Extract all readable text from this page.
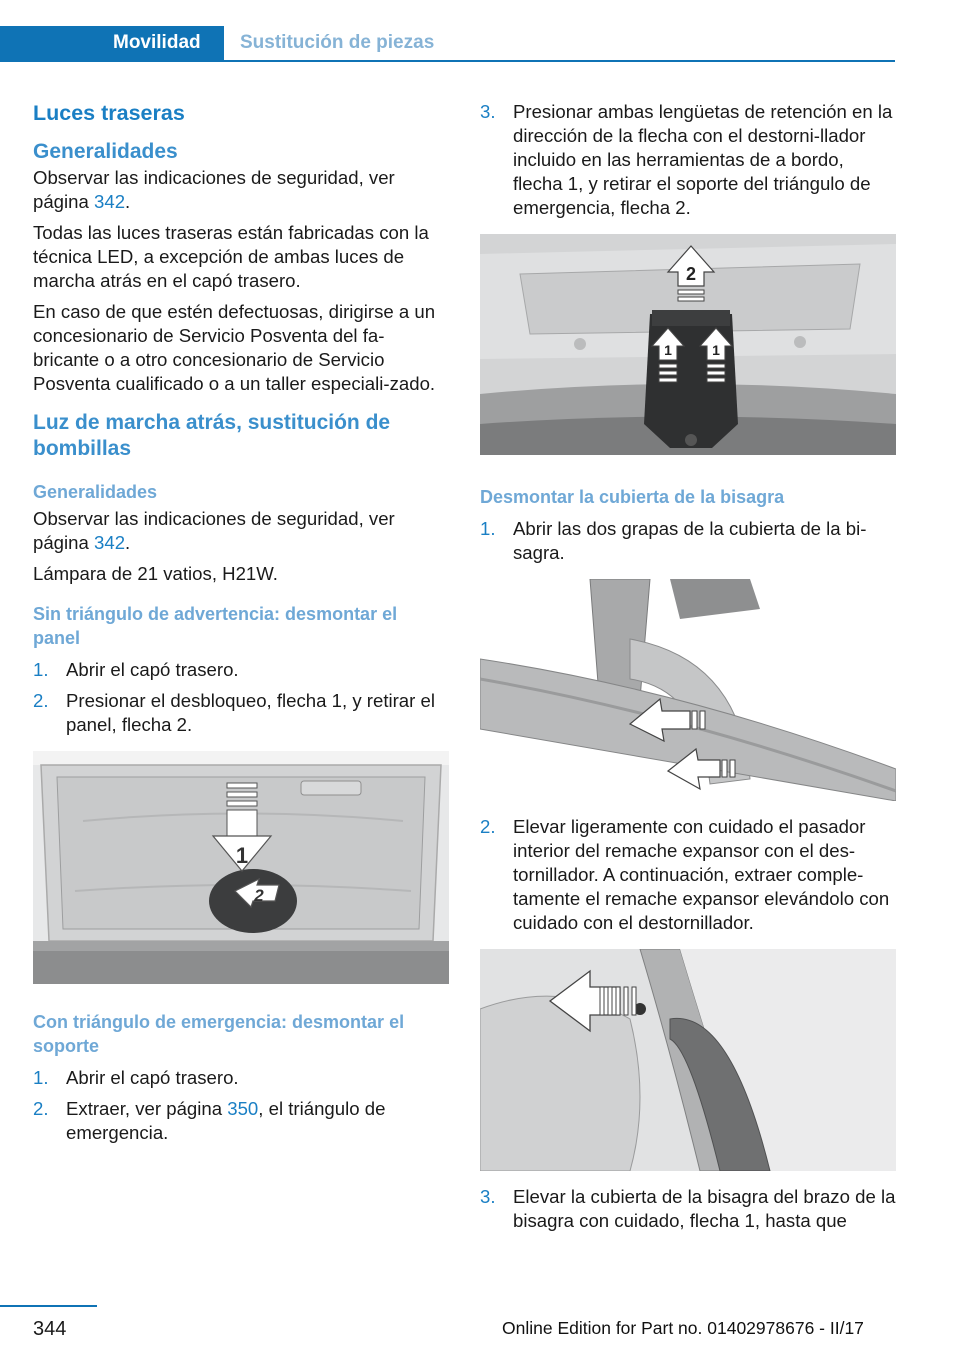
Movilidad	Sustitución de piezas
Luces traseras
Generalidades

Observar las indicaciones de seguridad, ver página 342.

Todas las luces traseras están fabricadas con la técnica LED, a excepción de ambas luces de marcha atrás en el capó trasero.

En caso de que estén defectuosas, dirigirse a un concesionario de Servicio Posventa del fa-bricante o a otro concesionario de Servicio Posventa cualificado o a un taller especiali-zado.

Luz de marcha atrás, sustitución de bombillas
Generalidades

Observar las indicaciones de seguridad, ver página 342.

Lámpara de 21 vatios, H21W.

Sin triángulo de advertencia: desmontar el panel
1. Abrir el capó trasero.
2. Presionar el desbloqueo, flecha 1, y retirar el panel, flecha 2.
1
2
Con triángulo de emergencia: desmontar el soporte
1. Abrir el capó trasero.
2. Extraer, ver página 350, el triángulo de emergencia.
3. Presionar ambas lengüetas de retención en la dirección de la flecha con el destorni-llador incluido en las herramientas de a bordo, flecha 1, y retirar el soporte del triángulo de emergencia, flecha 2.
2
1	1
Desmontar la cubierta de la bisagra
1. Abrir las dos grapas de la cubierta de la bi-sagra.
2. Elevar ligeramente con cuidado el pasador interior del remache expansor con el des-tornillador. A continuación, extraer comple-tamente el remache expansor elevándolo con cuidado con el destornillador.
3. Elevar la cubierta de la bisagra del brazo de la bisagra con cuidado, flecha 1, hasta que
344	Online Edition for Part no. 01402978676 - II/17
